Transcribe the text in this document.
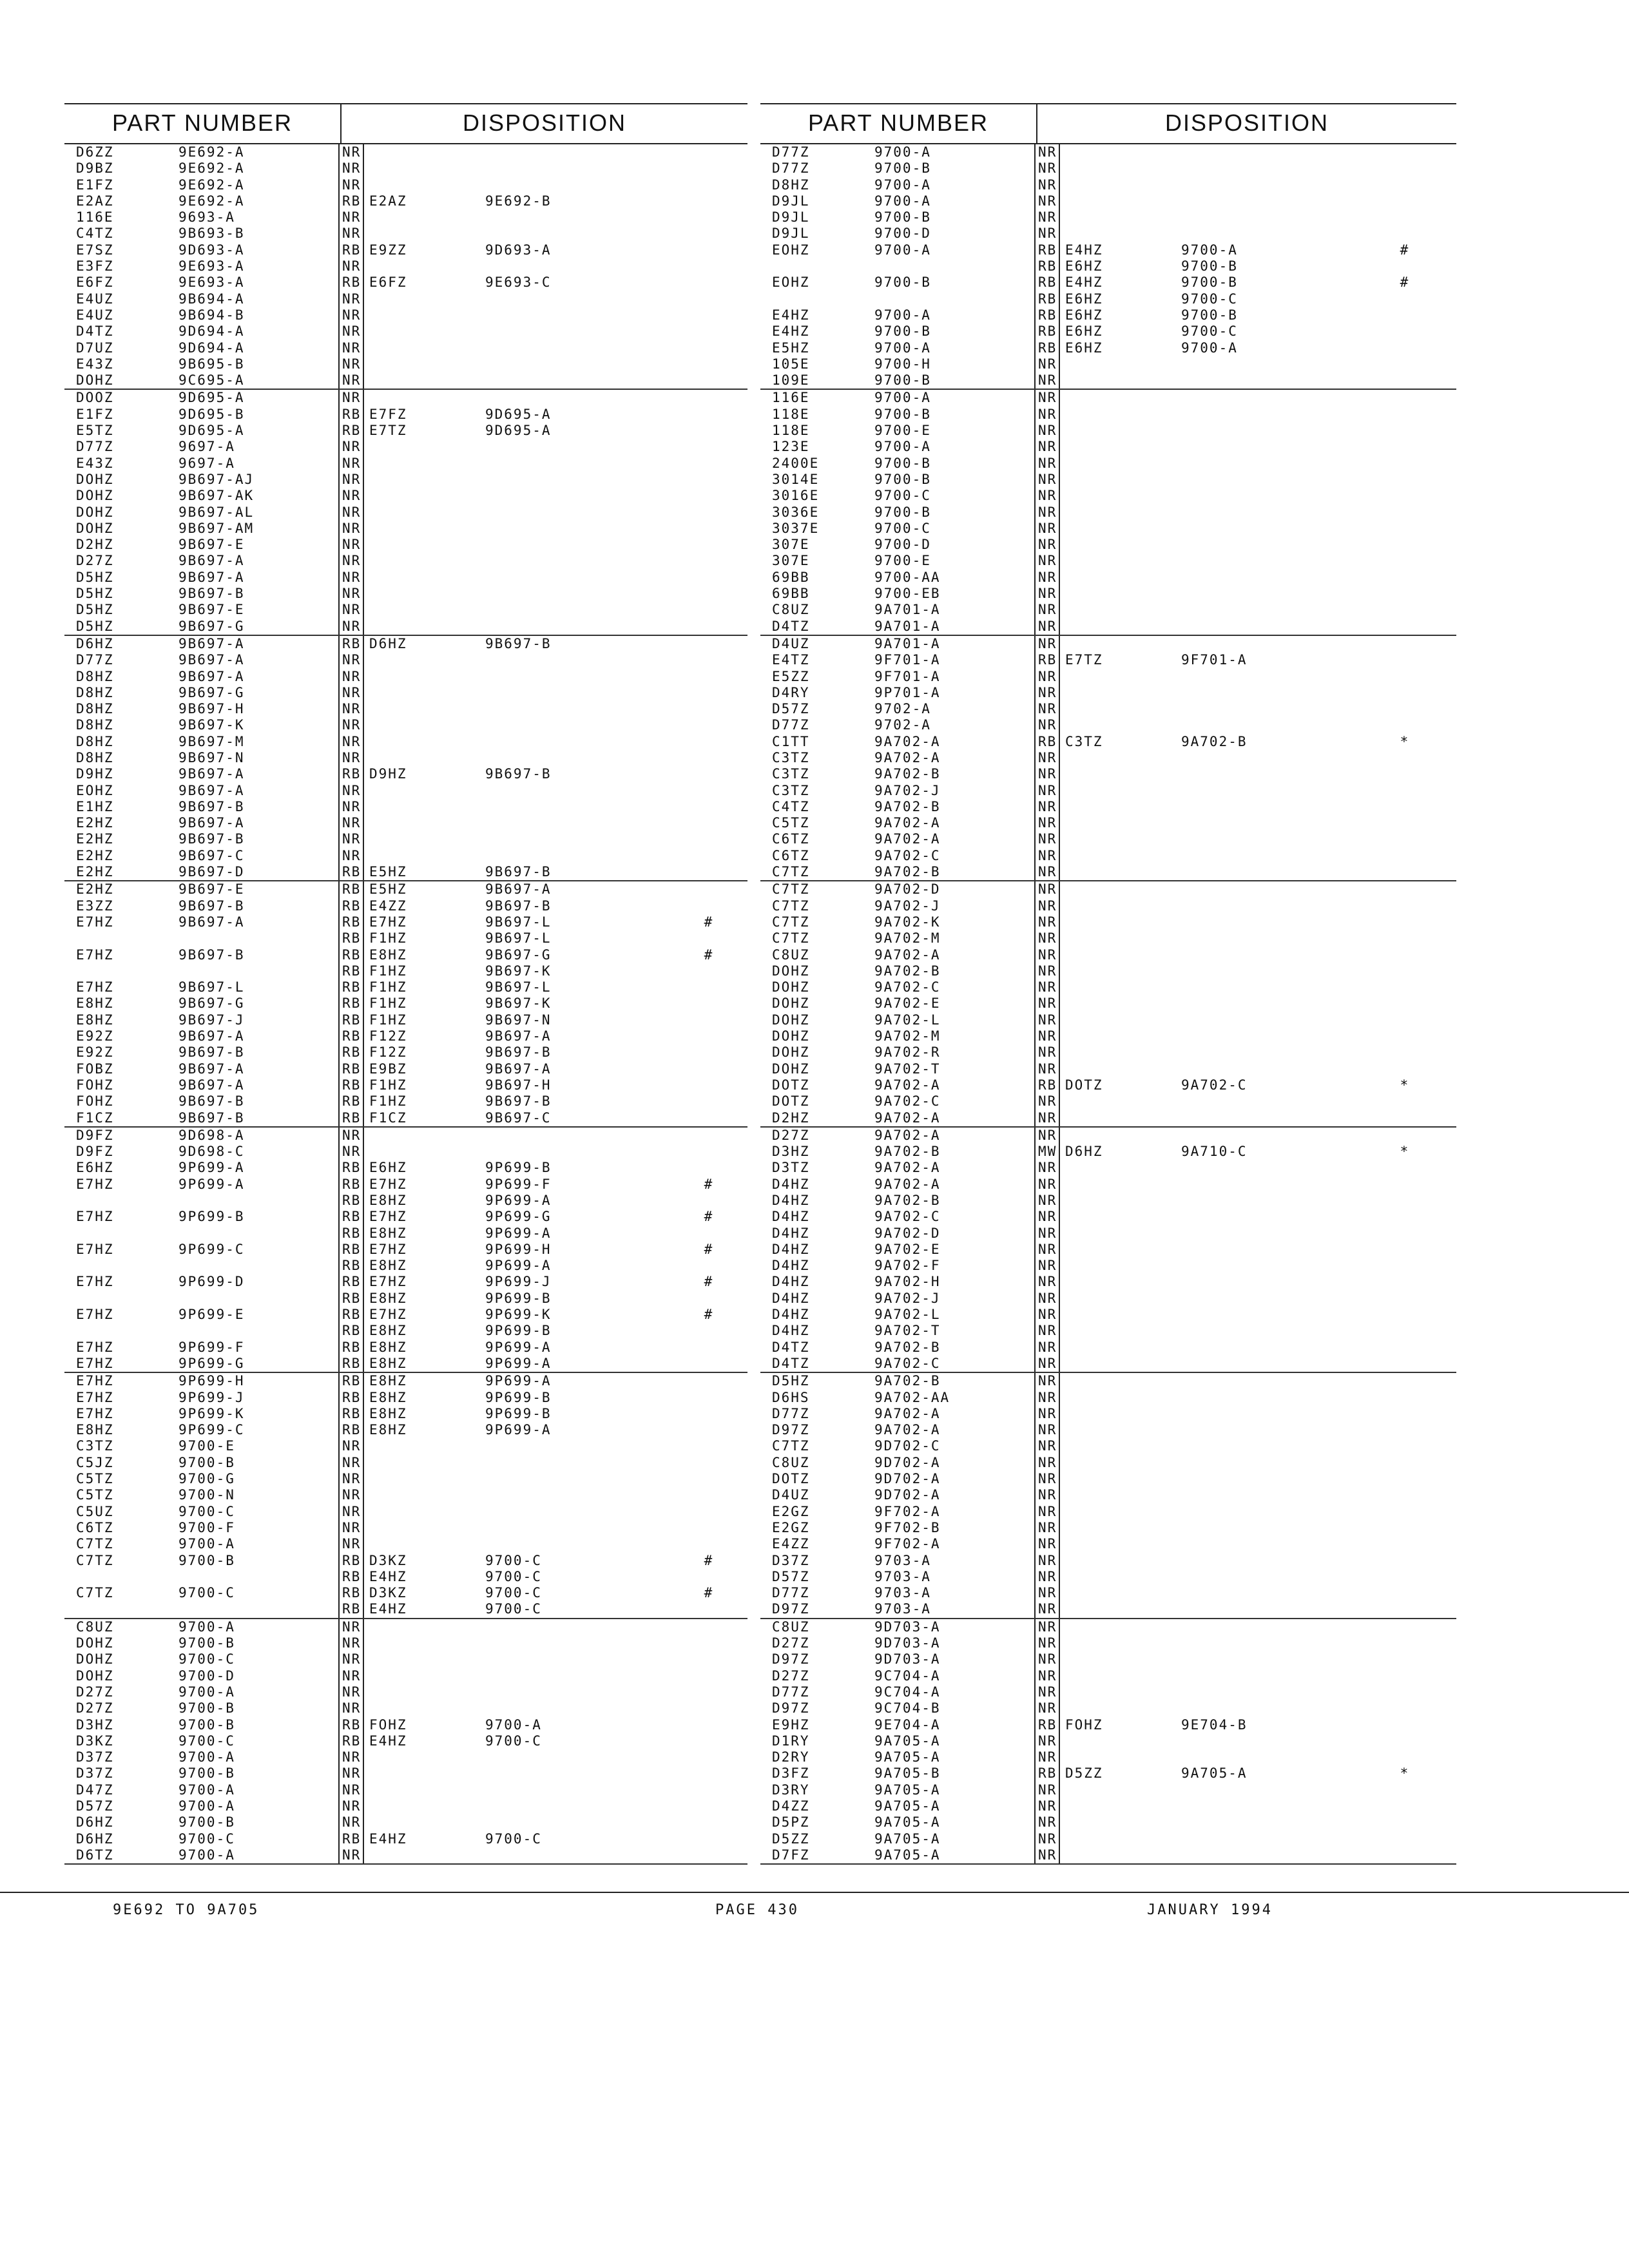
PART NUMBER	DISPOSITION
D6ZZ	9E692-A	NR
D9BZ	9E692-A	NR
E1FZ	9E692-A	NR
E2AZ	9E692-A	RB E2AZ	9E692-B
116E	9693-A	NR
C4TZ	9B693-B	NR
E7SZ	9D693-A	RB E9ZZ	9D693-A
E3FZ	9E693-A	NR
E6FZ	9E693-A	RB E6FZ	9E693-C
E4UZ	9B694-A	NR
E4UZ	9B694-B	NR
D4TZ	9D694-A	NR
D7UZ	9D694-A	NR
E43Z	9B695-B	NR
DOHZ	9C695-A	NR
DOOZ	9D695-A	NR
E1FZ	9D695-B	RB E7FZ	9D695-A
E5TZ	9D695-A	RB E7TZ	9D695-A
D77Z	9697-A	NR
E43Z	9697-A	NR
DOHZ	9B697-AJ	NR
DOHZ	9B697-AK	NR
DOHZ	9B697-AL	NR
DOHZ	9B697-AM	NR
D2HZ	9B697-E	NR
D27Z	9B697-A	NR
D5HZ	9B697-A	NR
D5HZ	9B697-B	NR
D5HZ	9B697-E	NR
D5HZ	9B697-G	NR
D6HZ	9B697-A	RB D6HZ	9B697-B
D77Z	9B697-A	NR
D8HZ	9B697-A	NR
D8HZ	9B697-G	NR
D8HZ	9B697-H	NR
D8HZ	9B697-K	NR
D8HZ	9B697-M	NR
D8HZ	9B697-N	NR
D9HZ	9B697-A	RB D9HZ	9B697-B
EOHZ	9B697-A	NR
E1HZ	9B697-B	NR
E2HZ	9B697-A	NR
E2HZ	9B697-B	NR
E2HZ	9B697-C	NR
E2HZ	9B697-D	RB E5HZ	9B697-B
E2HZ	9B697-E	RB E5HZ	9B697-A
E3ZZ	9B697-B	RB E4ZZ	9B697-B
E7HZ	9B697-A	RB E7HZ	9B697-L	#
RB F1HZ	9B697-L
E7HZ	9B697-B	RB E8HZ	9B697-G	#
RB F1HZ	9B697-K
E7HZ	9B697-L	RB F1HZ	9B697-L
E8HZ	9B697-G	RB F1HZ	9B697-K
E8HZ	9B697-J	RB F1HZ	9B697-N
E92Z	9B697-A	RB F12Z	9B697-A
E92Z	9B697-B	RB F12Z	9B697-B
FOBZ	9B697-A	RB E9BZ	9B697-A
FOHZ	9B697-A	RB F1HZ	9B697-H
FOHZ	9B697-B	RB F1HZ	9B697-B
F1CZ	9B697-B	RB F1CZ	9B697-C
D9FZ	9D698-A	NR
D9FZ	9D698-C	NR
E6HZ	9P699-A	RB E6HZ	9P699-B
E7HZ	9P699-A	RB E7HZ	9P699-F	#
RB E8HZ	9P699-A
E7HZ	9P699-B	RB E7HZ	9P699-G	#
RB E8HZ	9P699-A
E7HZ	9P699-C	RB E7HZ	9P699-H	#
RB E8HZ	9P699-A
E7HZ	9P699-D	RB E7HZ	9P699-J	#
RB E8HZ	9P699-B
E7HZ	9P699-E	RB E7HZ	9P699-K	#
RB E8HZ	9P699-B
E7HZ	9P699-F	RB E8HZ	9P699-A
E7HZ	9P699-G	RB E8HZ	9P699-A
E7HZ	9P699-H	RB E8HZ	9P699-A
E7HZ	9P699-J	RB E8HZ	9P699-B
E7HZ	9P699-K	RB E8HZ	9P699-B
E8HZ	9P699-C	RB E8HZ	9P699-A
C3TZ	9700-E	NR
C5JZ	9700-B	NR
C5TZ	9700-G	NR
C5TZ	9700-N	NR
C5UZ	9700-C	NR
C6TZ	9700-F	NR
C7TZ	9700-A	NR
C7TZ	9700-B	RB D3KZ	9700-C	#
RB E4HZ	9700-C
C7TZ	9700-C	RB D3KZ	9700-C	#
RB E4HZ	9700-C
C8UZ	9700-A	NR
DOHZ	9700-B	NR
DOHZ	9700-C	NR
DOHZ	9700-D	NR
D27Z	9700-A	NR
D27Z	9700-B	NR
D3HZ	9700-B	RB FOHZ	9700-A
D3KZ	9700-C	RB E4HZ	9700-C
D37Z	9700-A	NR
D37Z	9700-B	NR
D47Z	9700-A	NR
D57Z	9700-A	NR
D6HZ	9700-B	NR
D6HZ	9700-C	RB E4HZ	9700-C
D6TZ	9700-A	NR
PART NUMBER	DISPOSITION
D77Z	9700-A	NR
D77Z	9700-B	NR
D8HZ	9700-A	NR
D9JL	9700-A	NR
D9JL	9700-B	NR
D9JL	9700-D	NR
EOHZ	9700-A	RB E4HZ	9700-A	#
RB E6HZ	9700-B
EOHZ	9700-B	RB E4HZ	9700-B	#
RB E6HZ	9700-C
E4HZ	9700-A	RB E6HZ	9700-B
E4HZ	9700-B	RB E6HZ	9700-C
E5HZ	9700-A	RB E6HZ	9700-A
105E	9700-H	NR
109E	9700-B	NR
116E	9700-A	NR
118E	9700-B	NR
118E	9700-E	NR
123E	9700-A	NR
2400E	9700-B	NR
3014E	9700-B	NR
3016E	9700-C	NR
3036E	9700-B	NR
3037E	9700-C	NR
307E	9700-D	NR
307E	9700-E	NR
69BB	9700-AA	NR
69BB	9700-EB	NR
C8UZ	9A701-A	NR
D4TZ	9A701-A	NR
D4UZ	9A701-A	NR
E4TZ	9F701-A	RB E7TZ	9F701-A
E5ZZ	9F701-A	NR
D4RY	9P701-A	NR
D57Z	9702-A	NR
D77Z	9702-A	NR
C1TT	9A702-A	RB C3TZ	9A702-B	*
C3TZ	9A702-A	NR
C3TZ	9A702-B	NR
C3TZ	9A702-J	NR
C4TZ	9A702-B	NR
C5TZ	9A702-A	NR
C6TZ	9A702-A	NR
C6TZ	9A702-C	NR
C7TZ	9A702-B	NR
C7TZ	9A702-D	NR
C7TZ	9A702-J	NR
C7TZ	9A702-K	NR
C7TZ	9A702-M	NR
C8UZ	9A702-A	NR
DOHZ	9A702-B	NR
DOHZ	9A702-C	NR
DOHZ	9A702-E	NR
DOHZ	9A702-L	NR
DOHZ	9A702-M	NR
DOHZ	9A702-R	NR
DOHZ	9A702-T	NR
DOTZ	9A702-A	RB DOTZ	9A702-C	*
DOTZ	9A702-C	NR
D2HZ	9A702-A	NR
D27Z	9A702-A	NR
D3HZ	9A702-B	MW D6HZ	9A710-C	*
D3TZ	9A702-A	NR
D4HZ	9A702-A	NR
D4HZ	9A702-B	NR
D4HZ	9A702-C	NR
D4HZ	9A702-D	NR
D4HZ	9A702-E	NR
D4HZ	9A702-F	NR
D4HZ	9A702-H	NR
D4HZ	9A702-J	NR
D4HZ	9A702-L	NR
D4HZ	9A702-T	NR
D4TZ	9A702-B	NR
D4TZ	9A702-C	NR
D5HZ	9A702-B	NR
D6HS	9A702-AA	NR
D77Z	9A702-A	NR
D97Z	9A702-A	NR
C7TZ	9D702-C	NR
C8UZ	9D702-A	NR
DOTZ	9D702-A	NR
D4UZ	9D702-A	NR
E2GZ	9F702-A	NR
E2GZ	9F702-B	NR
E4ZZ	9F702-A	NR
D37Z	9703-A	NR
D57Z	9703-A	NR
D77Z	9703-A	NR
D97Z	9703-A	NR
C8UZ	9D703-A	NR
D27Z	9D703-A	NR
D97Z	9D703-A	NR
D27Z	9C704-A	NR
D77Z	9C704-A	NR
D97Z	9C704-B	NR
E9HZ	9E704-A	RB FOHZ	9E704-B
D1RY	9A705-A	NR
D2RY	9A705-A	NR
D3FZ	9A705-B	RB D5ZZ	9A705-A	*
D3RY	9A705-A	NR
D4ZZ	9A705-A	NR
D5PZ	9A705-A	NR
D5ZZ	9A705-A	NR
D7FZ	9A705-A	NR
9E692 TO 9A705	PAGE 430	JANUARY 1994
